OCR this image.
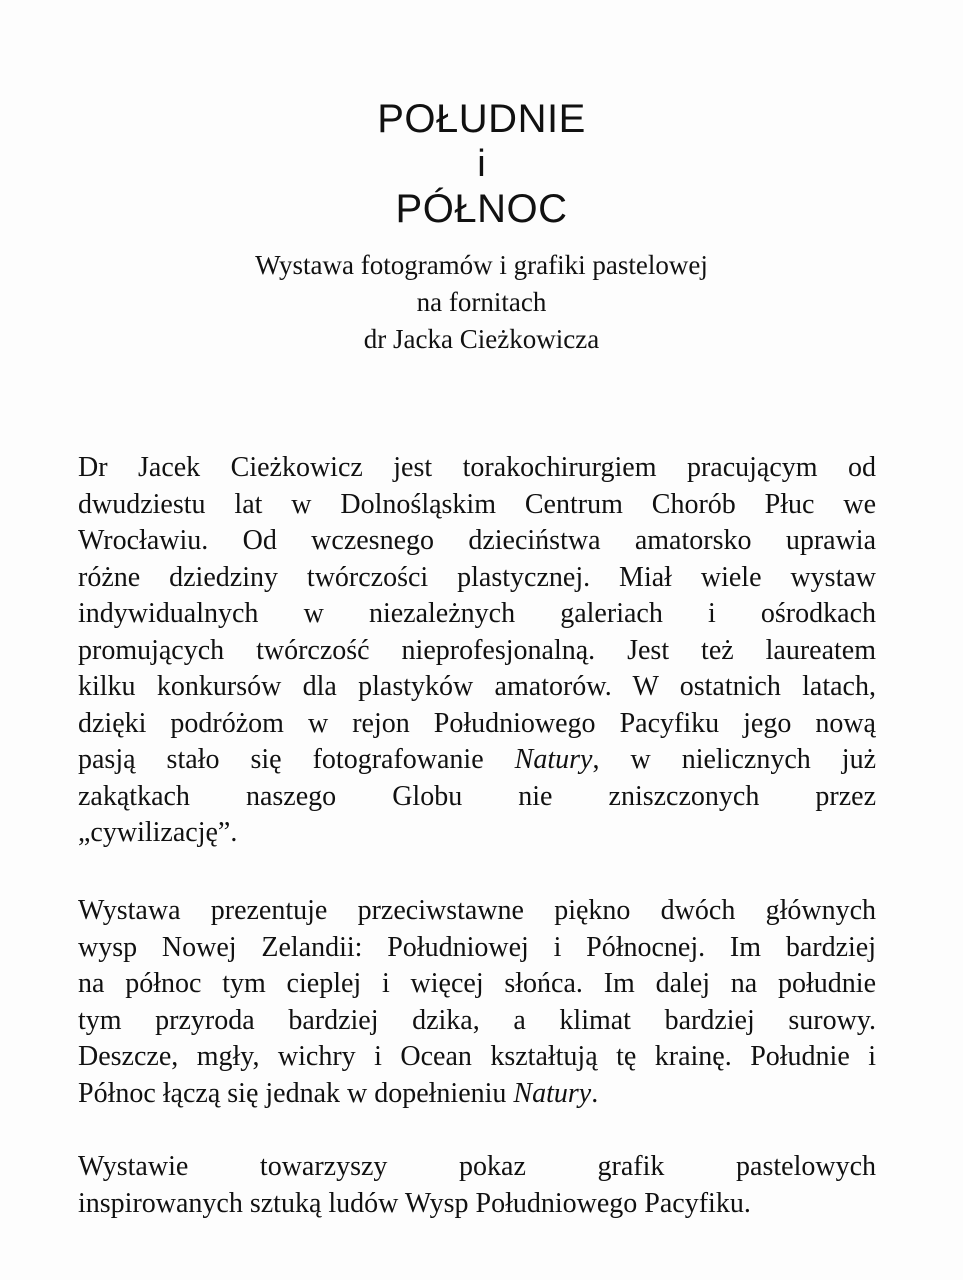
POŁUDNIE
i
PÓŁNOC
Wystawa fotogramów i grafiki pastelowej
na fornitach
dr Jacka Cieżkowicza
Dr Jacek Cieżkowicz jest torakochirurgiem pracującym od
dwudziestu lat w Dolnośląskim Centrum Chorób Płuc we
Wrocławiu. Od wczesnego dzieciństwa amatorsko uprawia
różne dziedziny twórczości plastycznej. Miał wiele wystaw
indywidualnych w niezależnych galeriach i ośrodkach
promujących twórczość nieprofesjonalną. Jest też laureatem
kilku konkursów dla plastyków amatorów. W ostatnich latach,
dzięki podróżom w rejon Południowego Pacyfiku jego nową
pasją stało się fotografowanie Natury, w nielicznych już
zakątkach naszego Globu nie zniszczonych przez
„cywilizację”.
Wystawa prezentuje przeciwstawne piękno dwóch głównych
wysp Nowej Zelandii: Południowej i Północnej. Im bardziej
na północ tym cieplej i więcej słońca. Im dalej na południe
tym przyroda bardziej dzika, a klimat bardziej surowy.
Deszcze, mgły, wichry i Ocean kształtują tę krainę. Południe i
Północ łączą się jednak w dopełnieniu Natury.
Wystawie towarzyszy pokaz grafik pastelowych
inspirowanych sztuką ludów Wysp Południowego Pacyfiku.
